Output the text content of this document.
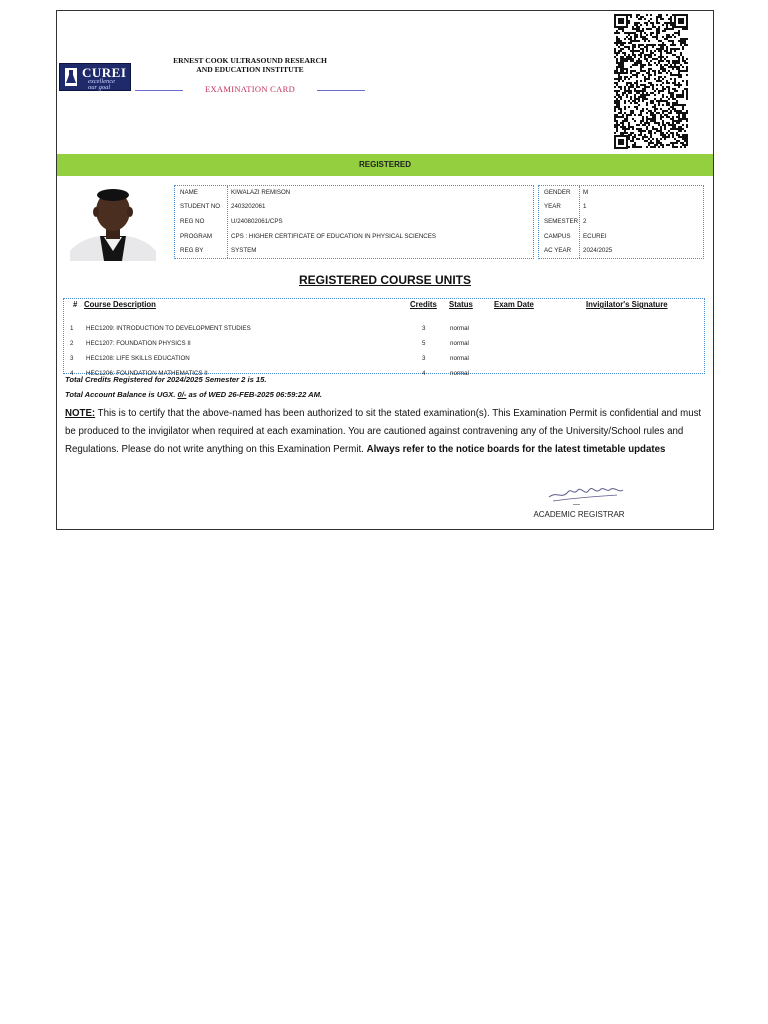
CUREI
excellence
our goal
ERNEST COOK ULTRASOUND RESEARCH
AND EDUCATION INSTITUTE
EXAMINATION CARD
REGISTERED
NAME	KIWALAZI REMISON
STUDENT NO 2403202061
REG NO	U/240802061/CPS
PROGRAM	CPS : HIGHER CERTIFICATE OF EDUCATION IN PHYSICAL SCIENCES
REG BY	SYSTEM
GENDER M
YEAR	1
SEMESTER 2
CAMPUS ECUREI
AC YEAR 2024/2025
REGISTERED COURSE UNITS
# Course Description	Credits Status	Exam Date	Invigilator's Signature
1 HEC1209: INTRODUCTION TO DEVELOPMENT STUDIES	3	normal
2 HEC1207: FOUNDATION PHYSICS II	5	normal
3 HEC1208: LIFE SKILLS EDUCATION	3	normal
4 HEC1206: FOUNDATION MATHEMATICS II	4	normal
Total Credits Registered for 2024/2025 Semester 2 is 15.
Total Account Balance is UGX. 0/- as of WED 26-FEB-2025 06:59:22 AM.
NOTE: This is to certify that the above-named has been authorized to sit the stated examination(s). This Examination Permit is confidential and must be produced to the invigilator when required at each examination. You are cautioned against contravening any of the University/School rules and Regulations. Please do not write anything on this Examination Permit. Always refer to the notice boards for the latest timetable updates
—
ACADEMIC REGISTRAR
